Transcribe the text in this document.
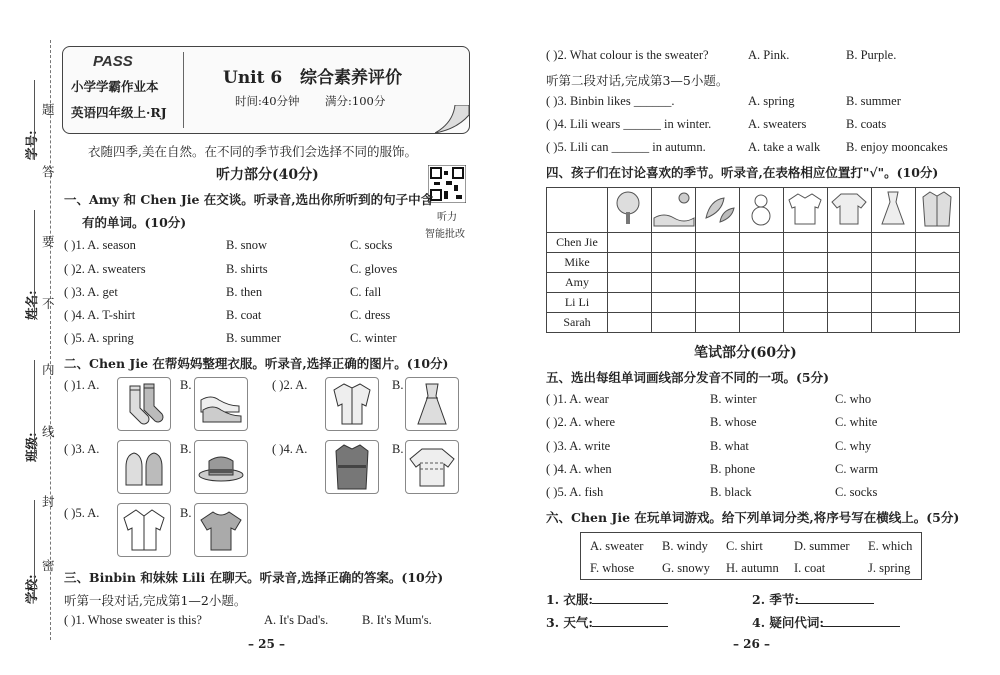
学号:
姓名:
班级:
学校:
题
答
要
不
内
线
封
密
PASS
小学学霸作业本
英语四年级上·RJ
Unit 6   综合素养评价
时间:40分钟 满分:100分
衣随四季,美在自然。在不同的季节我们会选择不同的服饰。
听力
智能批改
听力部分(40分)
一、Amy 和 Chen Jie 在交谈。听录音,选出你所听到的句子中含
有的单词。(10分)
( )1. A. season	B. snow	C. socks
( )2. A. sweaters	B. shirts	C. gloves
( )3. A. get	B. then	C. fall
( )4. A. T-shirt	B. coat	C. dress
( )5. A. spring	B. summer	C. winter
二、Chen Jie 在帮妈妈整理衣服。听录音,选择正确的图片。(10分)
( )1. A.	B.	( )2. A.	B.
( )3. A.	B.	( )4. A.	B.
( )5. A.	B.
三、Binbin 和妹妹 Lili 在聊天。听录音,选择正确的答案。(10分)
听第一段对话,完成第1—2小题。
( )1. Whose sweater is this?	A. It's Dad's.	B. It's Mum's.
– 25 –
( )2. What colour is the sweater?	A. Pink.	B. Purple.
听第二段对话,完成第3—5小题。
( )3. Binbin likes ______.	A. spring	B. summer
( )4. Lili wears ______ in winter.	A. sweaters	B. coats
( )5. Lili can ______ in autumn.	A. take a walk B. enjoy mooncakes
四、孩子们在讨论喜欢的季节。听录音,在表格相应位置打"√"。(10分)

Chen Jie								
Mike								
Amy								
Li Li								
Sarah								
笔试部分(60分)
五、选出每组单词画线部分发音不同的一项。(5分)
( )1. A. wear	B. winter	C. who
( )2. A. where	B. whose	C. white
( )3. A. write	B. what	C. why
( )4. A. when	B. phone	C. warm
( )5. A. fish	B. black	C. socks
六、Chen Jie 在玩单词游戏。给下列单词分类,将序号写在横线上。(5分)
A. sweater B. windy C. shirt D. summer E. which
F. whose G. snowy H. autumn I. coat	J. spring
1. 衣服:	2. 季节:
3. 天气:	4. 疑问代词:
– 26 –
